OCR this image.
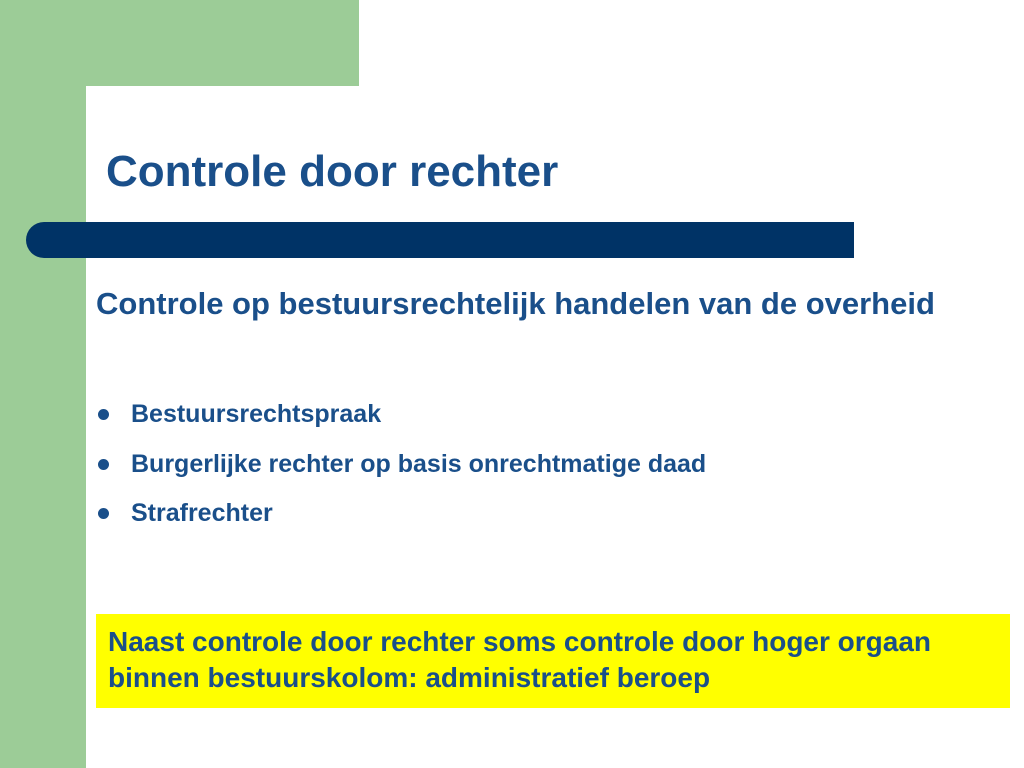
Controle door rechter

Controle op bestuursrechtelijk handelen van de overheid

Bestuursrechtspraak
Burgerlijke rechter op basis onrechtmatige daad
Strafrechter

Naast controle door rechter soms controle door hoger orgaan binnen bestuurskolom: administratief beroep
